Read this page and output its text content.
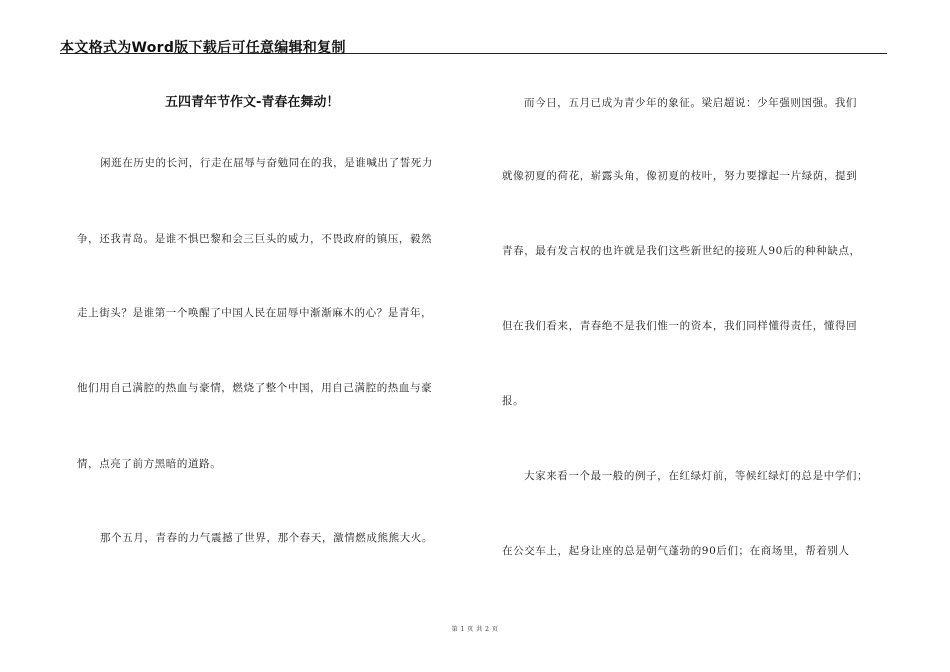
本文格式为Word版下载后可任意编辑和复制
五四青年节作文-青春在舞动！
闲逛在历史的长河，行走在屈辱与奋勉同在的我，是谁喊出了誓死力
争，还我青岛。是谁不惧巴黎和会三巨头的威力，不畏政府的镇压，毅然
走上街头？是谁第一个唤醒了中国人民在屈辱中渐渐麻木的心？是青年，
他们用自己满腔的热血与豪情，燃烧了整个中国，用自己满腔的热血与豪
情，点亮了前方黑暗的道路。
那个五月，青春的力气震撼了世界，那个春天，激情燃成熊熊大火。
而今日，五月已成为青少年的象征。梁启超说：少年强则国强。我们
就像初夏的荷花，崭露头角，像初夏的枝叶，努力要撑起一片绿荫，提到
青春，最有发言权的也许就是我们这些新世纪的接班人90后的种种缺点，
但在我们看来，青春绝不是我们惟一的资本，我们同样懂得责任，懂得回
报。
大家来看一个最一般的例子，在红绿灯前，等候红绿灯的总是中学们；
在公交车上，起身让座的总是朝气蓬勃的90后们；在商场里，帮着别人
第 1 页 共 2 页
